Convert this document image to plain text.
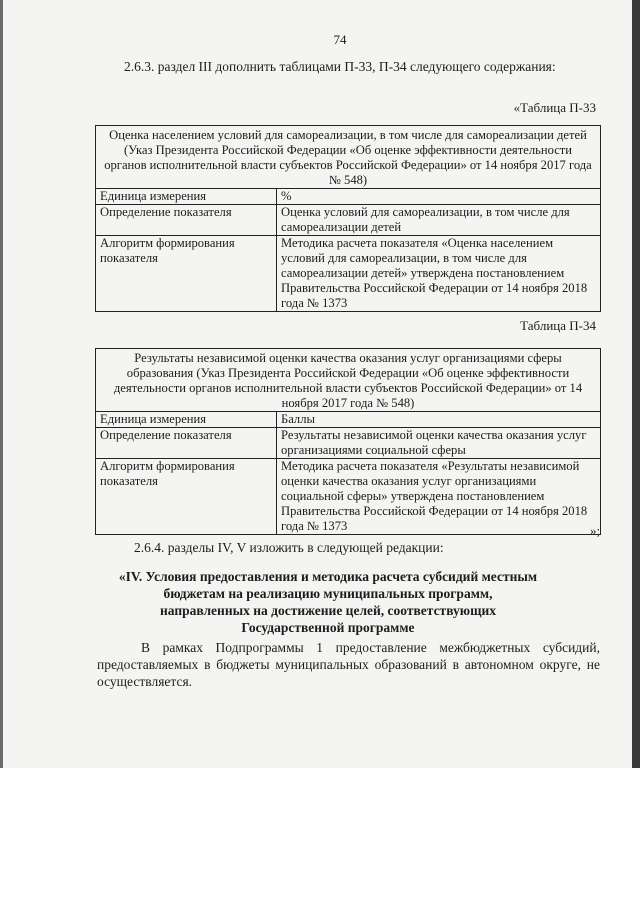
74
2.6.3. раздел III дополнить таблицами П-33, П-34 следующего содержания:
«Таблица П-33
Оценка населением условий для самореализации, в том числе для самореализации детей (Указ Президента Российской Федерации «Об оценке эффективности деятельности органов исполнительной власти субъектов Российской Федерации» от 14 ноября 2017 года № 548)	
Единица измерения	%
Определение показателя	Оценка условий для самореализации, в том числе для самореализации детей
Алгоритм формирования показателя	Методика расчета показателя «Оценка населением условий для самореализации, в том числе для самореализации детей» утверждена постановлением Правительства Российской Федерации от 14 ноября 2018 года № 1373
Таблица П-34
Результаты независимой оценки качества оказания услуг организациями сферы образования (Указ Президента Российской Федерации «Об оценке эффективности деятельности органов исполнительной власти субъектов Российской Федерации» от 14 ноября 2017 года № 548)	
Единица измерения	Баллы
Определение показателя	Результаты независимой оценки качества оказания услуг организациями социальной сферы
Алгоритм формирования показателя	Методика расчета показателя «Результаты независимой оценки качества оказания услуг организациями социальной сферы» утверждена постановлением Правительства Российской Федерации от 14 ноября 2018 года № 1373	»;
2.6.4. разделы IV, V изложить в следующей редакции:
«IV. Условия предоставления и методика расчета субсидий местным бюджетам на реализацию муниципальных программ, направленных на достижение целей, соответствующих Государственной программе
В рамках Подпрограммы 1 предоставление межбюджетных субсидий, предоставляемых в бюджеты муниципальных образований в автономном округе, не осуществляется.
